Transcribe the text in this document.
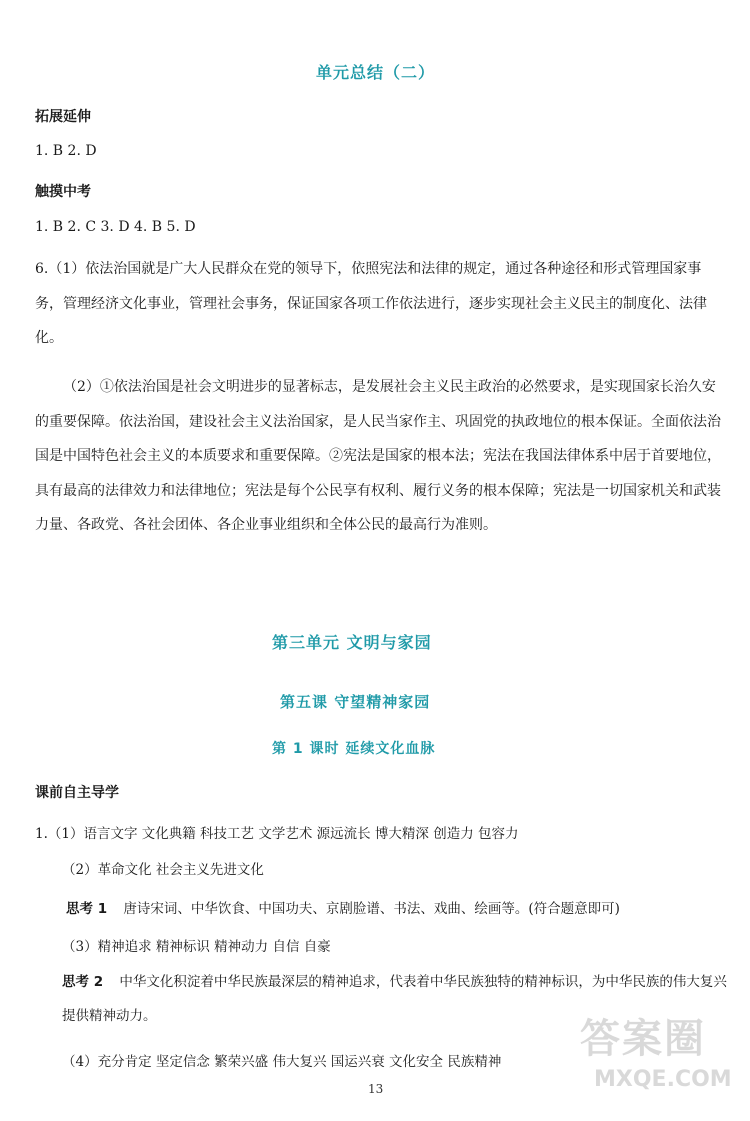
单元总结（二）
拓展延伸
1. B 2. D
触摸中考
1. B 2. C 3. D 4. B 5. D
6.（1）依法治国就是广大人民群众在党的领导下，依照宪法和法律的规定，通过各种途径和形式管理国家事务，管理经济文化事业，管理社会事务，保证国家各项工作依法进行，逐步实现社会主义民主的制度化、法律化。
（2）①依法治国是社会文明进步的显著标志，是发展社会主义民主政治的必然要求，是实现国家长治久安的重要保障。依法治国，建设社会主义法治国家，是人民当家作主、巩固党的执政地位的根本保证。全面依法治国是中国特色社会主义的本质要求和重要保障。②宪法是国家的根本法；宪法在我国法律体系中居于首要地位，具有最高的法律效力和法律地位；宪法是每个公民享有权利、履行义务的根本保障；宪法是一切国家机关和武装力量、各政党、各社会团体、各企业事业组织和全体公民的最高行为准则。
第三单元 文明与家园
第五课 守望精神家园
第 1 课时 延续文化血脉
课前自主导学
1.（1）语言文字 文化典籍 科技工艺 文学艺术 源远流长 博大精深 创造力 包容力
（2）革命文化 社会主义先进文化
思考 1 唐诗宋词、中华饮食、中国功夫、京剧脸谱、书法、戏曲、绘画等。(符合题意即可)
（3）精神追求 精神标识 精神动力 自信 自豪
思考 2 中华文化积淀着中华民族最深层的精神追求，代表着中华民族独特的精神标识，为中华民族的伟大复兴提供精神动力。
（4）充分肯定 坚定信念 繁荣兴盛 伟大复兴 国运兴衰 文化安全 民族精神
13
答案圈
MXQE.COM
